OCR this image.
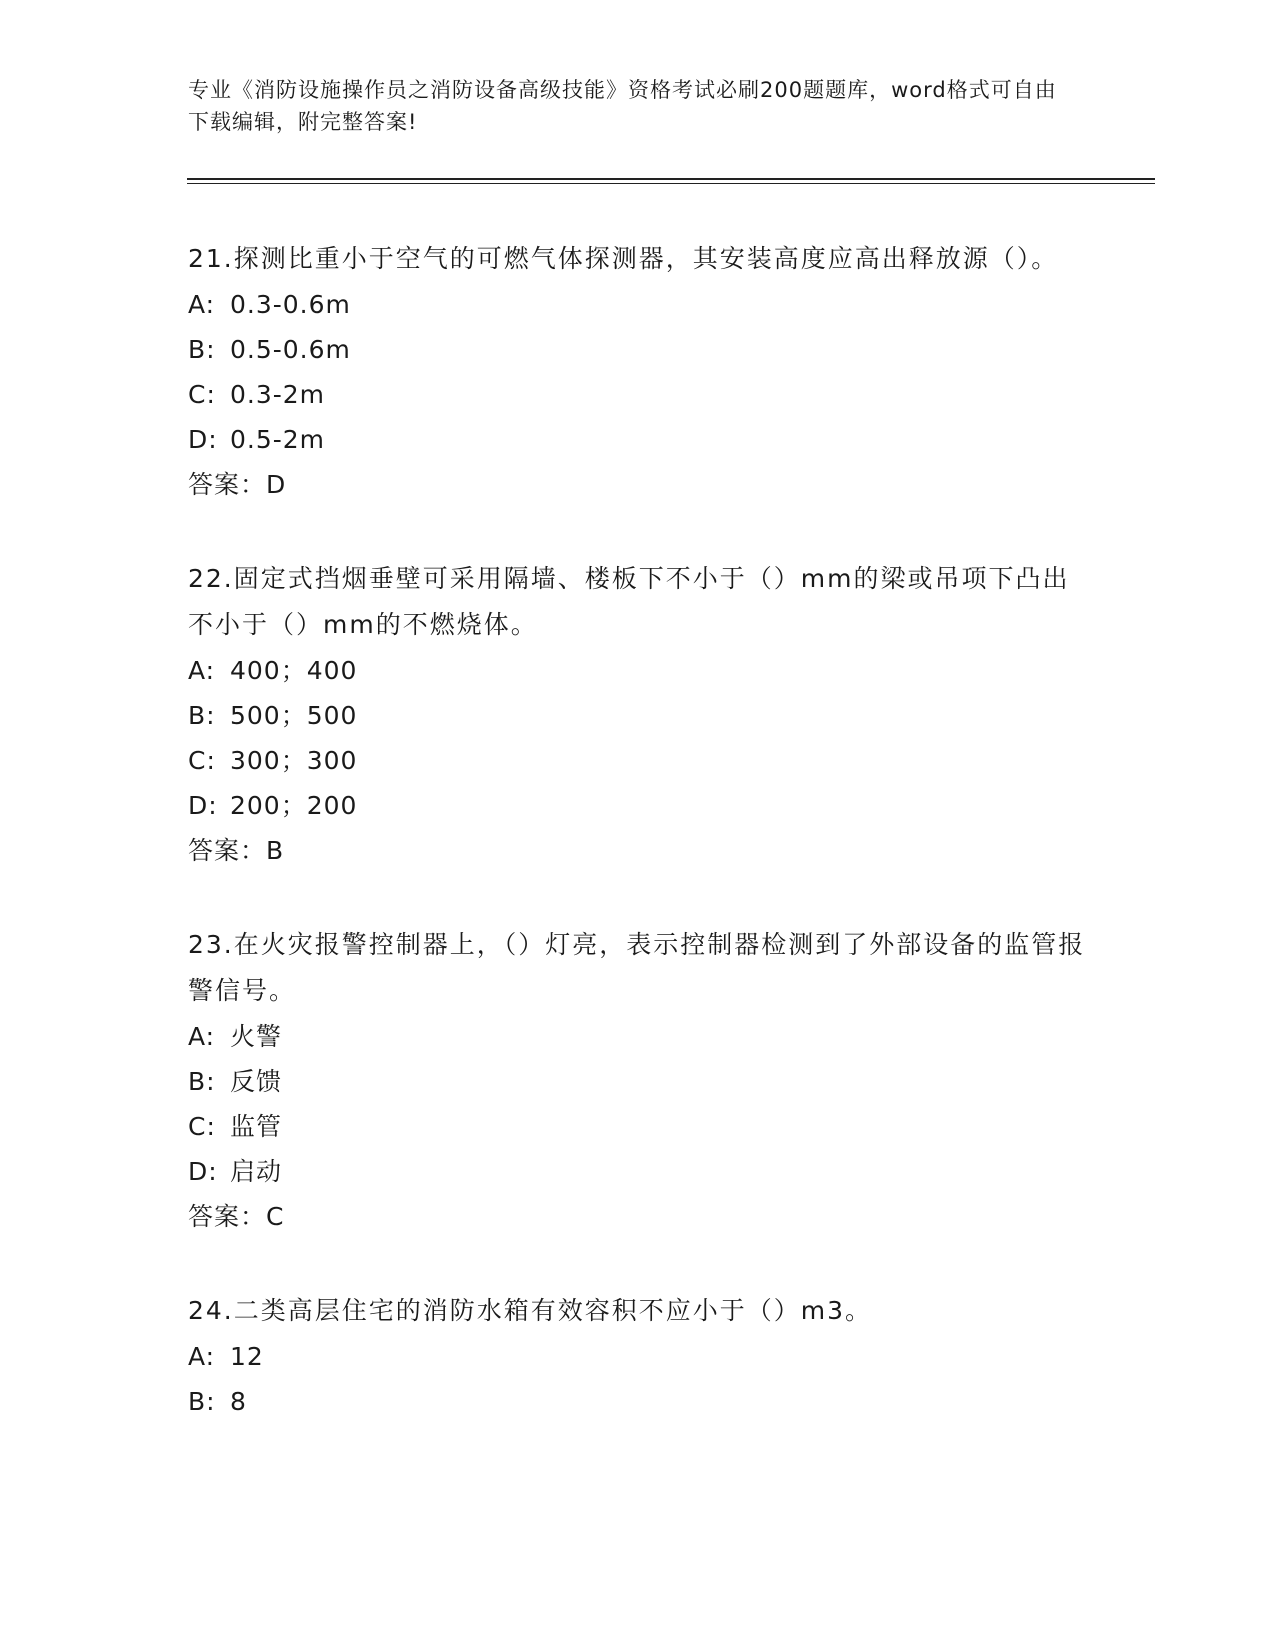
专业《消防设施操作员之消防设备高级技能》资格考试必刷200题题库，word格式可自由下载编辑，附完整答案!
21.探测比重小于空气的可燃气体探测器，其安装高度应高出释放源（）。
A: 0.3-0.6m
B: 0.5-0.6m
C: 0.3-2m
D: 0.5-2m
答案：D
22.固定式挡烟垂壁可采用隔墙、楼板下不小于（）mm的梁或吊项下凸出不小于（）mm的不燃烧体。
A: 400；400
B: 500；500
C: 300；300
D: 200；200
答案：B
23.在火灾报警控制器上，（）灯亮，表示控制器检测到了外部设备的监管报警信号。
A: 火警
B: 反馈
C: 监管
D: 启动
答案：C
24.二类高层住宅的消防水箱有效容积不应小于（）m3。
A: 12
B: 8
